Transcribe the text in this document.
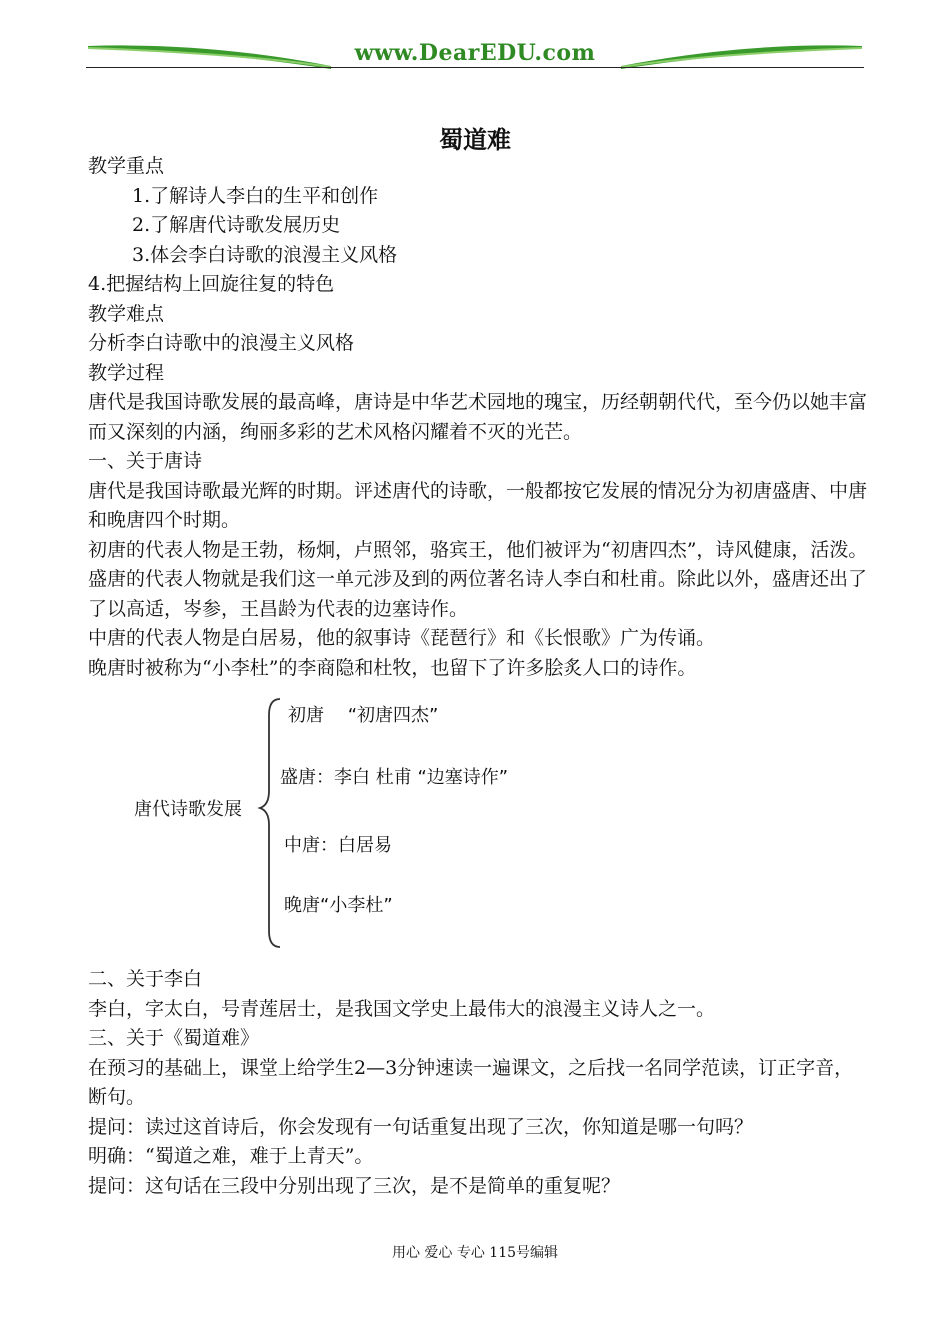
www.DearEDU.com
蜀道难

教学重点

1.了解诗人李白的生平和创作

2.了解唐代诗歌发展历史

3.体会李白诗歌的浪漫主义风格

4.把握结构上回旋往复的特色

教学难点

分析李白诗歌中的浪漫主义风格

教学过程

唐代是我国诗歌发展的最高峰，唐诗是中华艺术园地的瑰宝，历经朝朝代代，至今仍以她丰富而又深刻的内涵，绚丽多彩的艺术风格闪耀着不灭的光芒。

一、关于唐诗

唐代是我国诗歌最光辉的时期。评述唐代的诗歌，一般都按它发展的情况分为初唐盛唐、中唐和晚唐四个时期。

初唐的代表人物是王勃，杨炯，卢照邻，骆宾王，他们被评为“初唐四杰”，诗风健康，活泼。

盛唐的代表人物就是我们这一单元涉及到的两位著名诗人李白和杜甫。除此以外，盛唐还出了了以高适，岑参，王昌龄为代表的边塞诗作。

中唐的代表人物是白居易，他的叙事诗《琵琶行》和《长恨歌》广为传诵。

晚唐时被称为“小李杜”的李商隐和杜牧，也留下了许多脍炙人口的诗作。

唐代诗歌发展
初唐　 “初唐四杰”
盛唐：李白 杜甫 “边塞诗作”
中唐：白居易
晚唐“小李杜”

二、关于李白

李白，字太白，号青莲居士，是我国文学史上最伟大的浪漫主义诗人之一。

三、关于《蜀道难》

在预习的基础上，课堂上给学生2—3分钟速读一遍课文，之后找一名同学范读，订正字音，断句。

提问：读过这首诗后，你会发现有一句话重复出现了三次，你知道是哪一句吗？

明确：“蜀道之难，难于上青天”。

提问：这句话在三段中分别出现了三次，是不是简单的重复呢？

用心 爱心 专心 115号编辑
